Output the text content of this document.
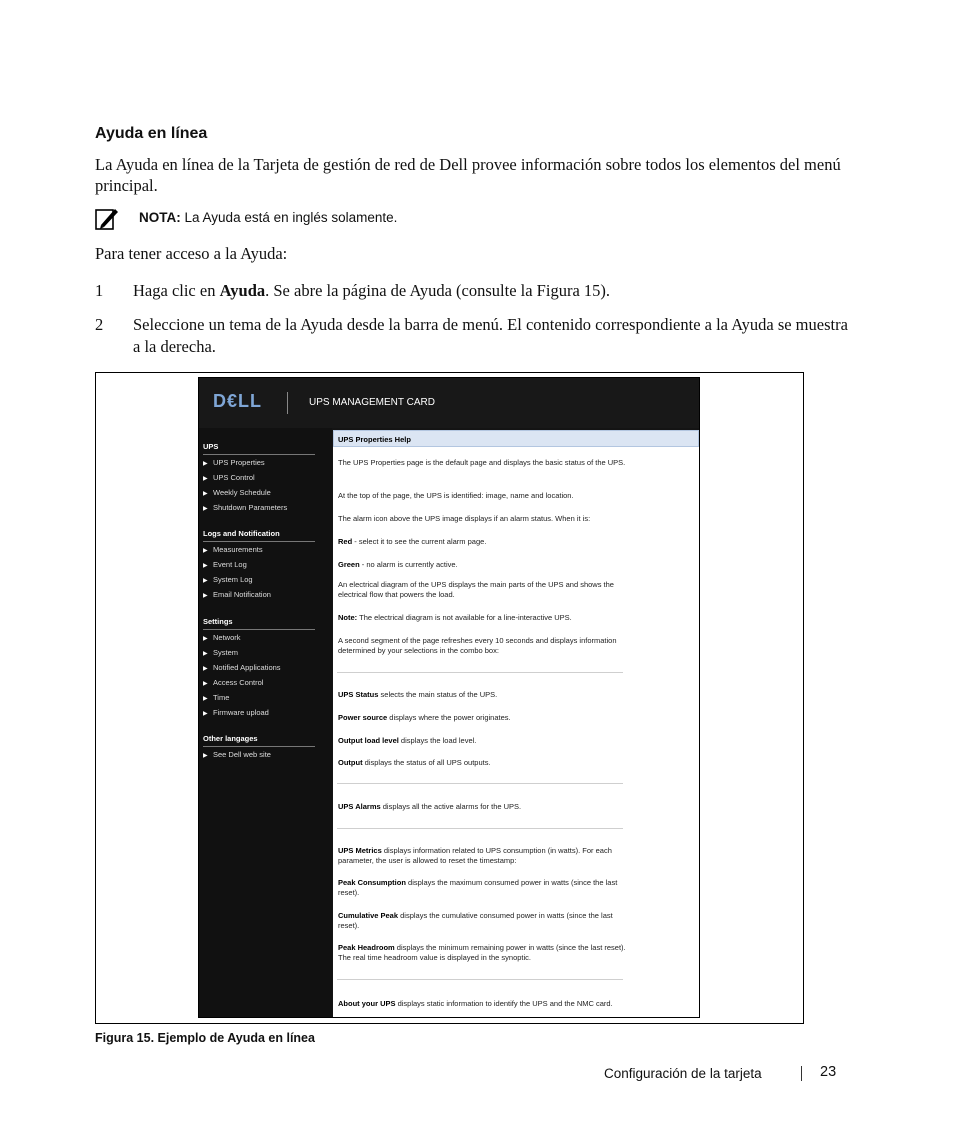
Ayuda en línea
La Ayuda en línea de la Tarjeta de gestión de red de Dell provee información sobre todos los elementos del menú principal.
NOTA: La Ayuda está en inglés solamente.
Para tener acceso a la Ayuda:
1	Haga clic en Ayuda. Se abre la página de Ayuda (consulte la Figura 15).
2	Seleccione un tema de la Ayuda desde la barra de menú. El contenido correspondiente a la Ayuda se muestra a la derecha.
D€LL	UPS MANAGEMENT CARD
UPS
▶ UPS Properties
▶ UPS Control
▶ Weekly Schedule
▶ Shutdown Parameters
Logs and Notification
▶ Measurements
▶ Event Log
▶ System Log
▶ Email Notification
Settings
▶ Network
▶ System
▶ Notified Applications
▶ Access Control
▶ Time
▶ Firmware upload
Other langages
▶ See Dell web site
UPS Properties Help
The UPS Properties page is the default page and displays the basic status of the UPS.
At the top of the page, the UPS is identified: image, name and location.
The alarm icon above the UPS image displays if an alarm status. When it is:
Red - select it to see the current alarm page.
Green - no alarm is currently active.
An electrical diagram of the UPS displays the main parts of the UPS and shows the electrical flow that powers the load.
Note: The electrical diagram is not available for a line-interactive UPS.
A second segment of the page refreshes every 10 seconds and displays information determined by your selections in the combo box:
UPS Status selects the main status of the UPS.
Power source displays where the power originates.
Output load level displays the load level.
Output displays the status of all UPS outputs.
UPS Alarms displays all the active alarms for the UPS.
UPS Metrics displays information related to UPS consumption (in watts). For each parameter, the user is allowed to reset the timestamp:
Peak Consumption displays the maximum consumed power in watts (since the last reset).
Cumulative Peak displays the cumulative consumed power in watts (since the last reset).
Peak Headroom displays the minimum remaining power in watts (since the last reset). The real time headroom value is displayed in the synoptic.
About your UPS displays static information to identify the UPS and the NMC card.
Figura 15. Ejemplo de Ayuda en línea
Configuración de la tarjeta	23
